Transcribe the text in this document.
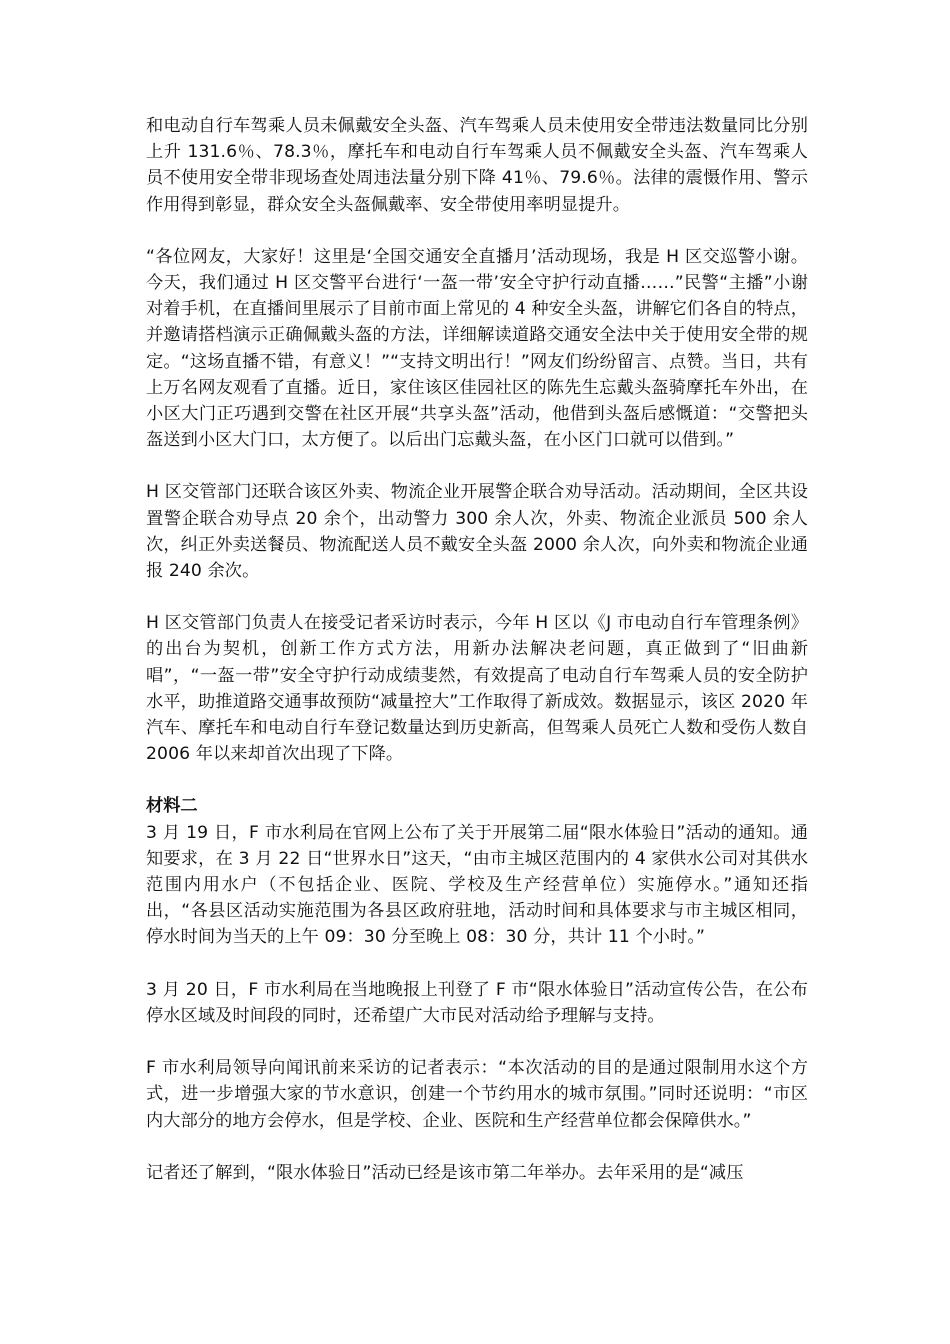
和电动自行车驾乘人员未佩戴安全头盔、汽车驾乘人员未使用安全带违法数量同比分别上升 131.6％、78.3％，摩托车和电动自行车驾乘人员不佩戴安全头盔、汽车驾乘人员不使用安全带非现场查处周违法量分别下降 41％、79.6％。法律的震慑作用、警示作用得到彰显，群众安全头盔佩戴率、安全带使用率明显提升。

“各位网友，大家好！这里是‘全国交通安全直播月’活动现场，我是 H 区交巡警小谢。今天，我们通过 H 区交警平台进行‘一盔一带’安全守护行动直播……”民警“主播”小谢对着手机，在直播间里展示了目前市面上常见的 4 种安全头盔，讲解它们各自的特点，并邀请搭档演示正确佩戴头盔的方法，详细解读道路交通安全法中关于使用安全带的规定。“这场直播不错，有意义！”“支持文明出行！”网友们纷纷留言、点赞。当日，共有上万名网友观看了直播。近日，家住该区佳园社区的陈先生忘戴头盔骑摩托车外出，在小区大门正巧遇到交警在社区开展“共享头盔”活动，他借到头盔后感慨道：“交警把头盔送到小区大门口，太方便了。以后出门忘戴头盔，在小区门口就可以借到。”

H 区交管部门还联合该区外卖、物流企业开展警企联合劝导活动。活动期间，全区共设置警企联合劝导点 20 余个，出动警力 300 余人次，外卖、物流企业派员 500 余人次，纠正外卖送餐员、物流配送人员不戴安全头盔 2000 余人次，向外卖和物流企业通报 240 余次。

H 区交管部门负责人在接受记者采访时表示，今年 H 区以《J 市电动自行车管理条例》的出台为契机，创新工作方式方法，用新办法解决老问题，真正做到了“旧曲新唱”，“一盔一带”安全守护行动成绩斐然，有效提高了电动自行车驾乘人员的安全防护水平，助推道路交通事故预防“减量控大”工作取得了新成效。数据显示，该区 2020 年汽车、摩托车和电动自行车登记数量达到历史新高，但驾乘人员死亡人数和受伤人数自 2006 年以来却首次出现了下降。

材料二

3 月 19 日，F 市水利局在官网上公布了关于开展第二届“限水体验日”活动的通知。通知要求，在 3 月 22 日“世界水日”这天，“由市主城区范围内的 4 家供水公司对其供水范围内用水户（不包括企业、医院、学校及生产经营单位）实施停水。”通知还指出，“各县区活动实施范围为各县区政府驻地，活动时间和具体要求与市主城区相同，停水时间为当天的上午 09：30 分至晚上 08：30 分，共计 11 个小时。”

3 月 20 日，F 市水利局在当地晚报上刊登了 F 市“限水体验日”活动宣传公告，在公布停水区域及时间段的同时，还希望广大市民对活动给予理解与支持。

F 市水利局领导向闻讯前来采访的记者表示：“本次活动的目的是通过限制用水这个方式，进一步增强大家的节水意识，创建一个节约用水的城市氛围。”同时还说明：“市区内大部分的地方会停水，但是学校、企业、医院和生产经营单位都会保障供水。”

记者还了解到，“限水体验日”活动已经是该市第二年举办。去年采用的是“减压
